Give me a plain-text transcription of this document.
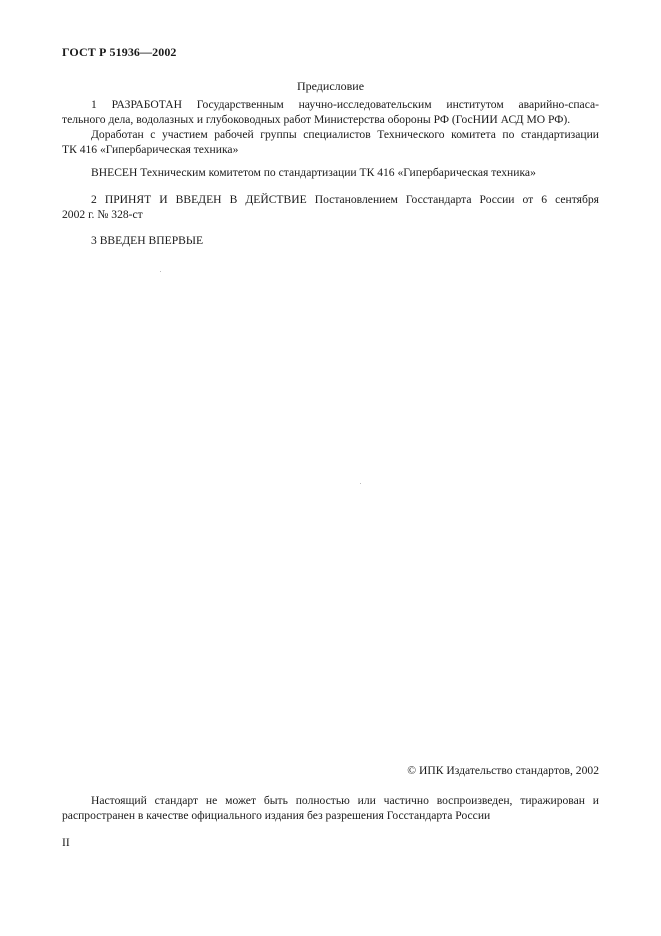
ГОСТ Р 51936—2002
Предисловие
1 РАЗРАБОТАН Государственным научно-исследовательским институтом аварийно-спаса-
тельного дела, водолазных и глубоководных работ Министерства обороны РФ (ГосНИИ АСД МО РФ).
Доработан с участием рабочей группы специалистов Технического комитета по стандартизации
ТК 416 «Гипербарическая техника»
ВНЕСЕН Техническим комитетом по стандартизации ТК 416 «Гипербарическая техника»
2 ПРИНЯТ И ВВЕДЕН В ДЕЙСТВИЕ Постановлением Госстандарта России от 6 сентября
2002 г. № 328-ст
3 ВВЕДЕН ВПЕРВЫЕ
© ИПК Издательство стандартов, 2002
Настоящий стандарт не может быть полностью или частично воспроизведен, тиражирован и
распространен в качестве официального издания без разрешения Госстандарта России
II
